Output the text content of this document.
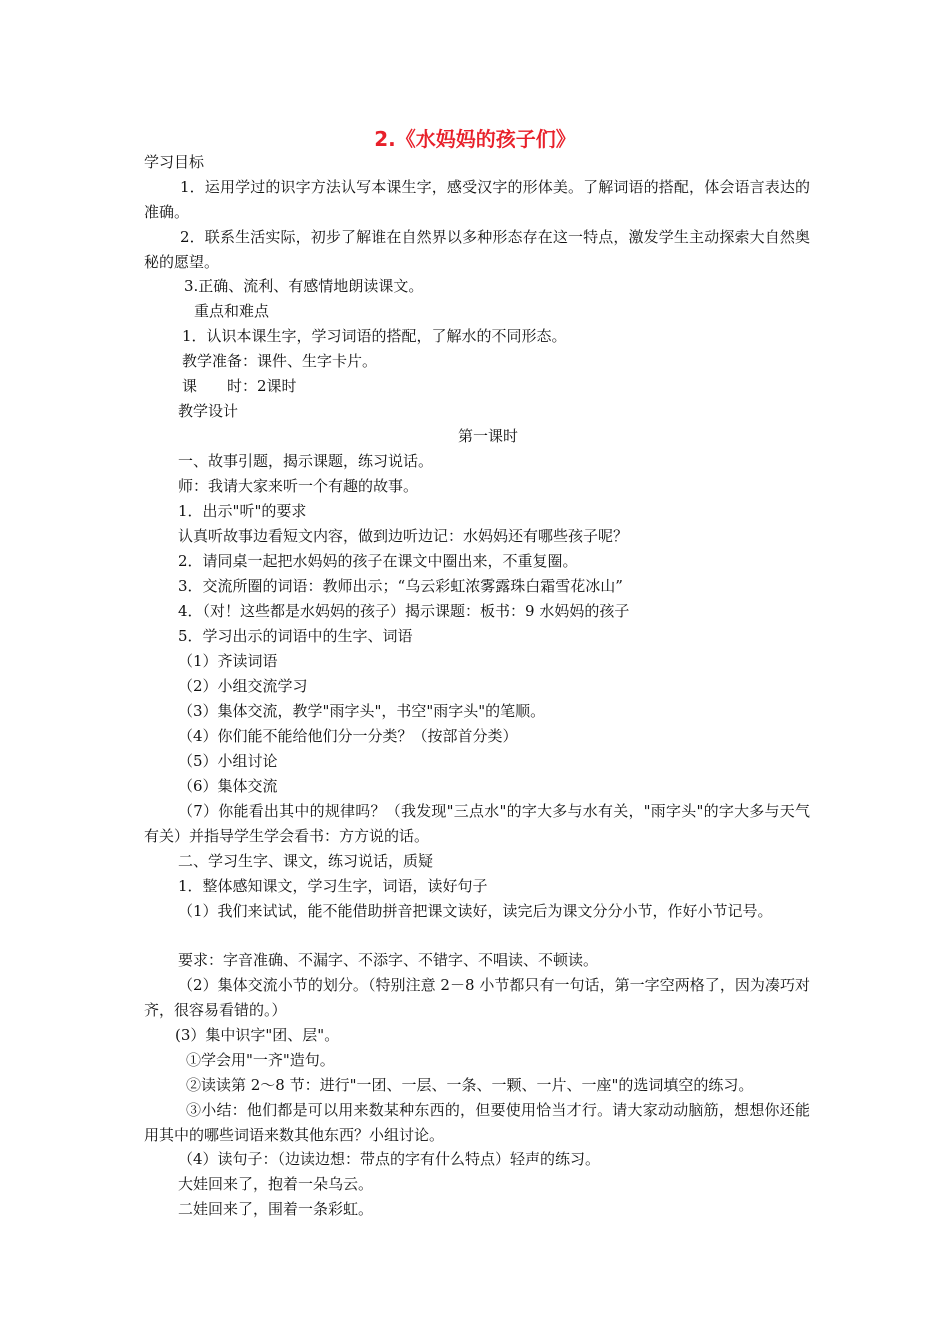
2.《水妈妈的孩子们》
学习目标
1．运用学过的识字方法认写本课生字，感受汉字的形体美。了解词语的搭配，体会语言表达的准确。
2．联系生活实际，初步了解谁在自然界以多种形态存在这一特点，激发学生主动探索大自然奥秘的愿望。
3.正确、流利、有感情地朗读课文。
重点和难点
1．认识本课生字，学习词语的搭配，了解水的不同形态。
教学准备：课件、生字卡片。
课　　时：2课时
教学设计
第一课时
一、故事引题，揭示课题，练习说话。
师：我请大家来听一个有趣的故事。
1．出示"听"的要求
认真听故事边看短文内容，做到边听边记：水妈妈还有哪些孩子呢？
2．请同桌一起把水妈妈的孩子在课文中圈出来，不重复圈。
3．交流所圈的词语：教师出示；“乌云彩虹浓雾露珠白霜雪花冰山”
4．（对！这些都是水妈妈的孩子）揭示课题：板书：9 水妈妈的孩子
5．学习出示的词语中的生字、词语
（1）齐读词语
（2）小组交流学习
（3）集体交流，教学"雨字头"，书空"雨字头"的笔顺。
（4）你们能不能给他们分一分类？（按部首分类）
（5）小组讨论
（6）集体交流
（7）你能看出其中的规律吗？（我发现"三点水"的字大多与水有关，"雨字头"的字大多与天气有关）并指导学生学会看书：方方说的话。
二、学习生字、课文，练习说话，质疑
1．整体感知课文，学习生字，词语，读好句子
（1）我们来试试，能不能借助拼音把课文读好，读完后为课文分分小节，作好小节记号。
要求：字音准确、不漏字、不添字、不错字、不唱读、不顿读。
（2）集体交流小节的划分。（特别注意 2－8 小节都只有一句话，第一字空两格了，因为凑巧对齐，很容易看错的。）
(3）集中识字"团、层"。
①学会用"一齐"造句。
②读读第 2～8 节：进行"一团、一层、一条、一颗、一片、一座"的选词填空的练习。
③小结：他们都是可以用来数某种东西的，但要使用恰当才行。请大家动动脑筋，想想你还能用其中的哪些词语来数其他东西？小组讨论。
（4）读句子：（边读边想：带点的字有什么特点）轻声的练习。
大娃回来了，抱着一朵乌云。
二娃回来了，围着一条彩虹。
